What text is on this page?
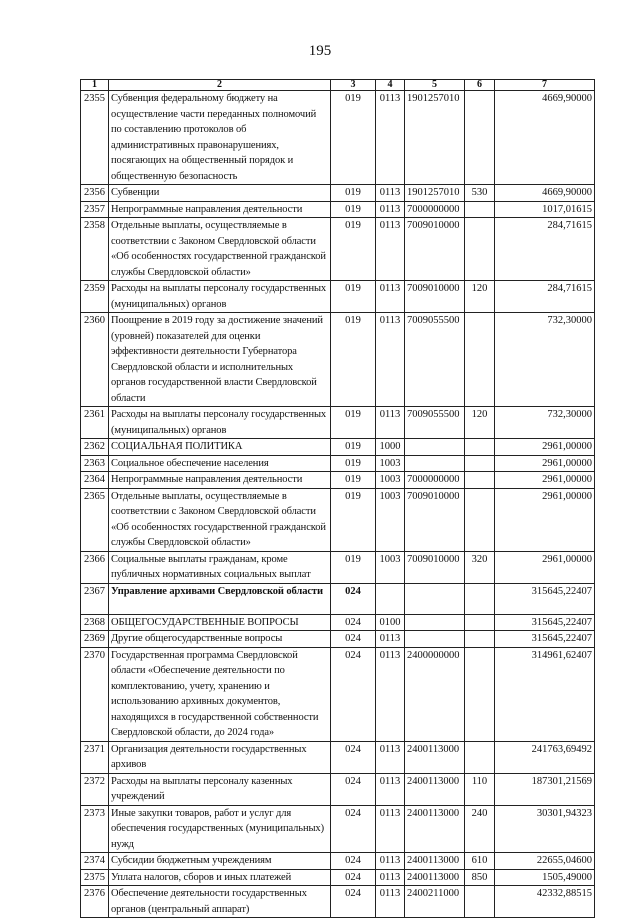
195
1	2	3	4	5	6	7
2355	Субвенция федеральному бюджету на осуществление части переданных полномочий по составлению протоколов об административных правонарушениях, посягающих на общественный порядок и общественную безопасность	019	0113	1901257010		4669,90000
2356	Субвенции	019	0113	1901257010	530	4669,90000
2357	Непрограммные направления деятельности	019	0113	7000000000		1017,01615
2358	Отдельные выплаты, осуществляемые в соответствии с Законом Свердловской области «Об особенностях государственной гражданской службы Свердловской области»	019	0113	7009010000		284,71615
2359	Расходы на выплаты персоналу государственных (муниципальных) органов	019	0113	7009010000	120	284,71615
2360	Поощрение в 2019 году за достижение значений (уровней) показателей для оценки эффективности деятельности Губернатора Свердловской области и исполнительных органов государственной власти Свердловской области	019	0113	7009055500		732,30000
2361	Расходы на выплаты персоналу государственных (муниципальных) органов	019	0113	7009055500	120	732,30000
2362	СОЦИАЛЬНАЯ ПОЛИТИКА	019	1000			2961,00000
2363	Социальное обеспечение населения	019	1003			2961,00000
2364	Непрограммные направления деятельности	019	1003	7000000000		2961,00000
2365	Отдельные выплаты, осуществляемые в соответствии с Законом Свердловской области «Об особенностях государственной гражданской службы Свердловской области»	019	1003	7009010000		2961,00000
2366	Социальные выплаты гражданам, кроме публичных нормативных социальных выплат	019	1003	7009010000	320	2961,00000
2367	Управление архивами Свердловской области	024				315645,22407
2368	ОБЩЕГОСУДАРСТВЕННЫЕ ВОПРОСЫ	024	0100			315645,22407
2369	Другие общегосударственные вопросы	024	0113			315645,22407
2370	Государственная программа Свердловской области «Обеспечение деятельности по комплектованию, учету, хранению и использованию архивных документов, находящихся в государственной собственности Свердловской области, до 2024 года»	024	0113	2400000000		314961,62407
2371	Организация деятельности государственных архивов	024	0113	2400113000		241763,69492
2372	Расходы на выплаты персоналу казенных учреждений	024	0113	2400113000	110	187301,21569
2373	Иные закупки товаров, работ и услуг для обеспечения государственных (муниципальных) нужд	024	0113	2400113000	240	30301,94323
2374	Субсидии бюджетным учреждениям	024	0113	2400113000	610	22655,04600
2375	Уплата налогов, сборов и иных платежей	024	0113	2400113000	850	1505,49000
2376	Обеспечение деятельности государственных органов (центральный аппарат)	024	0113	2400211000		42332,88515
